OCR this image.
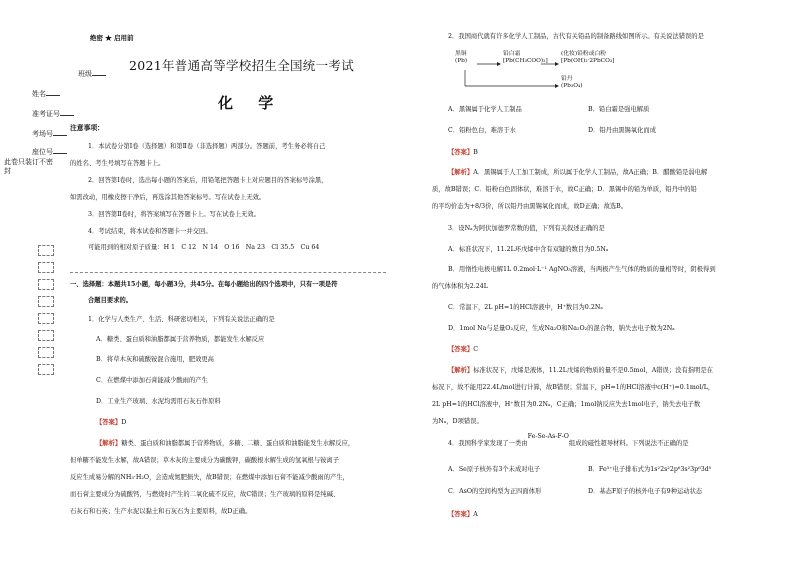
班级
姓名
准考证号
考场号
座位号
此卷只装订不密封
绝密 ★ 启用前
2021年普通高等学校招生全国统一考试
化 学
注意事项：
1．本试卷分第Ⅰ卷（选择题）和第Ⅱ卷（非选择题）两部分。答题前，考生务必将自己
的姓名、考生号填写在答题卡上。
2．回答第Ⅰ卷时，选出每小题的答案后，用铅笔把答题卡上对应题目的答案标号涂黑，
如需改动，用橡皮擦干净后，再选涂其他答案标号。写在试卷上无效。
3．回答第Ⅱ卷时，将答案填写在答题卡上。写在试卷上无效。
4．考试结束，将本试卷和答题卡一并交回。
可能用到的相对原子质量：H 1　C 12　N 14　O 16　Na 23　Cl 35.5　Cu 64
一、选择题：本题共15小题，每小题3分，共45分。在每小题给出的四个选项中，只有一项是符
合题目要求的。
1．化学与人类生产、生活、科研密切相关，下列有关说法正确的是
A．糖类、蛋白质和油脂都属于营养物质，都能发生水解反应
B．将草木灰和硫酸铵混合施用，肥效更高
C．在燃煤中添加石膏能减少酸雨的产生
D．工业生产玻璃、水泥均需用石灰石作原料
【答案】D
【解析】糖类、蛋白质和油脂都属于营养物质，多糖、二糖、蛋白质和油脂能发生水解反应，
但单糖不能发生水解，故A错误；草木灰的主要成分为碳酸钾，碳酸根水解生成的氢氧根与铵离子
反应生成易分解的NH₃·H₂O，会造成氮肥损失，故B错误；在燃煤中添加石膏不能减少酸雨的产生，
而石膏主要成分为硫酸钙，与燃烧时产生的二氧化硫不反应，故C错误；生产玻璃的原料是纯碱、
石灰石和石英；生产水泥以黏土和石灰石为主要原料，故D正确。
2．我国商代就有许多化学人工制品，古代有关铅品的制备路线如图所示。有关说法错误的是
黑铜
(Pb)
铅白霜
[Pb(CH₃COO)₂]
(化妆)铅粉或白粉
[Pb(OH)₂·2PbCO₃]
铅丹
(Pb₃O₄)
A．黑锡属于化学人工制品	B．铅白霜是强电解质
C．铅粉色白，难溶于水	D．铅丹由黑锡氧化而成
【答案】B
【解析】A．黑锡属于人工加工制成，所以属于化学人工制品，故A正确；B．醋酸铅是弱电解
质，故B错误；C．铅粉白色固体状，难溶于水，故C正确；D．黑锡中的铅为单质，铅丹中的铅
的平均价态为+8/3价，所以铅丹由黑锡氧化而成，故D正确；故选B。
3．设Nₐ为阿伏加德罗常数的值，下列有关叙述正确的是
A．标准状况下，11.2L环戊烯中含有双键的数目为0.5Nₐ
B．用惰性电极电解1L 0.2mol·L⁻¹ AgNO₃溶液，当两极产生气体的物质的量相等时，阴极得到
的气体体积为2.24L
C．常温下，2L pH=1的HCl溶液中，H⁺数目为0.2Nₐ
D．1mol Na与足量O₂反应，生成Na₂O和Na₂O₂的混合物，钠失去电子数为2Nₐ
【答案】C
【解析】标准状况下，戊烯是液体，11.2L戊烯的物质的量不是0.5mol，A错误；没有指明是在
标况下，故不能用22.4L/mol进行计算，故B错误；常温下，pH=1的HCl溶液中c(H⁺)=0.1mol/L，
2L pH=1的HCl溶液中，H⁺数目为0.2Nₐ，C正确；1mol钠反应失去1mol电子，钠失去电子数
为Nₐ，D项错误。
4．我国科学家发现了一类由Fe-Se-As-F-O组成的磁性超导材料。下列说法不正确的是
A．Se原子核外有3个未成对电子	B．Fe³⁺电子排布式为1s²2s²2p⁶3s²3p⁶3d⁵
C．AsO的空间构型为正四面体形	D．基态F原子的核外电子有9种运动状态
【答案】A
